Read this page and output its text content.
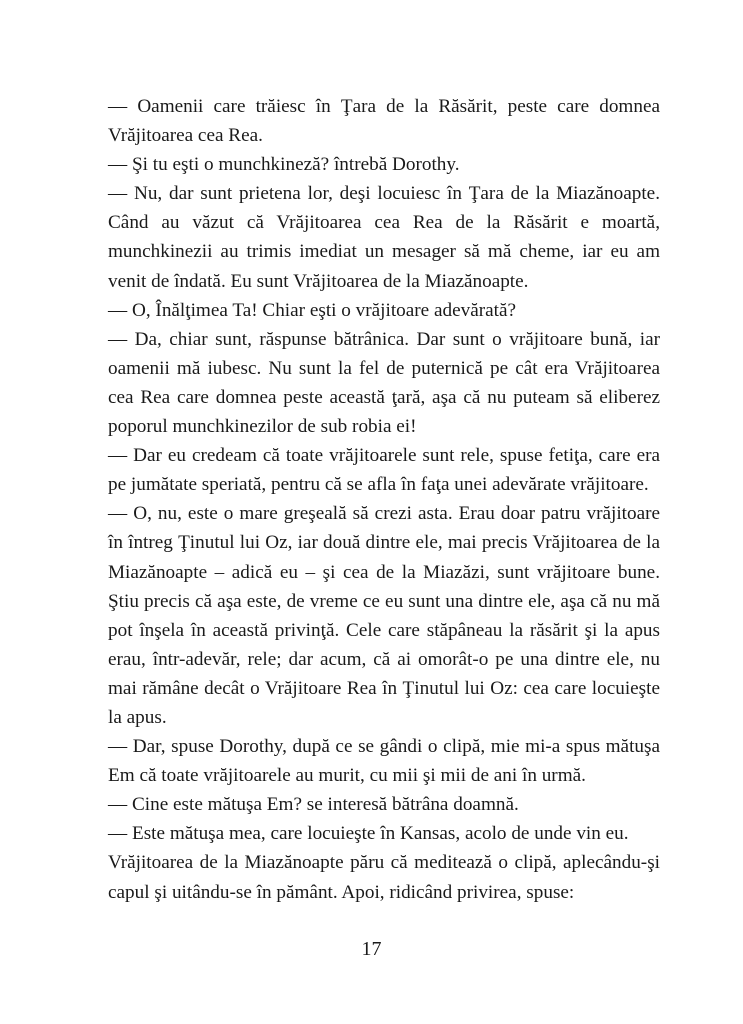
— Oamenii care trăiesc în Ţara de la Răsărit, peste care domnea Vrăjitoarea cea Rea.

— Şi tu eşti o munchkineză? întrebă Dorothy.

— Nu, dar sunt prietena lor, deşi locuiesc în Ţara de la Miazănoapte. Când au văzut că Vrăjitoarea cea Rea de la Răsărit e moartă, munchkinezii au trimis imediat un mesager să mă cheme, iar eu am venit de îndată. Eu sunt Vrăjitoarea de la Miazănoapte.

— O, Înălţimea Ta! Chiar eşti o vrăjitoare adevărată?

— Da, chiar sunt, răspunse bătrânica. Dar sunt o vrăjitoare bună, iar oamenii mă iubesc. Nu sunt la fel de puternică pe cât era Vrăjitoarea cea Rea care domnea peste această ţară, aşa că nu puteam să eliberez poporul munchkinezilor de sub robia ei!

— Dar eu credeam că toate vrăjitoarele sunt rele, spuse fetiţa, care era pe jumătate speriată, pentru că se afla în faţa unei adevărate vrăjitoare.

— O, nu, este o mare greşeală să crezi asta. Erau doar patru vrăjitoare în întreg Ţinutul lui Oz, iar două dintre ele, mai precis Vrăjitoarea de la Miazănoapte – adică eu – şi cea de la Miazăzi, sunt vrăjitoare bune. Ştiu precis că aşa este, de vreme ce eu sunt una dintre ele, aşa că nu mă pot înşela în această privinţă. Cele care stăpâneau la răsărit şi la apus erau, într-adevăr, rele; dar acum, că ai omorât-o pe una dintre ele, nu mai rămâne decât o Vrăjitoare Rea în Ţinutul lui Oz: cea care locuieşte la apus.

— Dar, spuse Dorothy, după ce se gândi o clipă, mie mi-a spus mătuşa Em că toate vrăjitoarele au murit, cu mii şi mii de ani în urmă.

— Cine este mătuşa Em? se interesă bătrâna doamnă.

— Este mătuşa mea, care locuieşte în Kansas, acolo de unde vin eu.

Vrăjitoarea de la Miazănoapte păru că meditează o clipă, aplecându-şi capul şi uitându-se în pământ. Apoi, ridicând privirea, spuse:

17
